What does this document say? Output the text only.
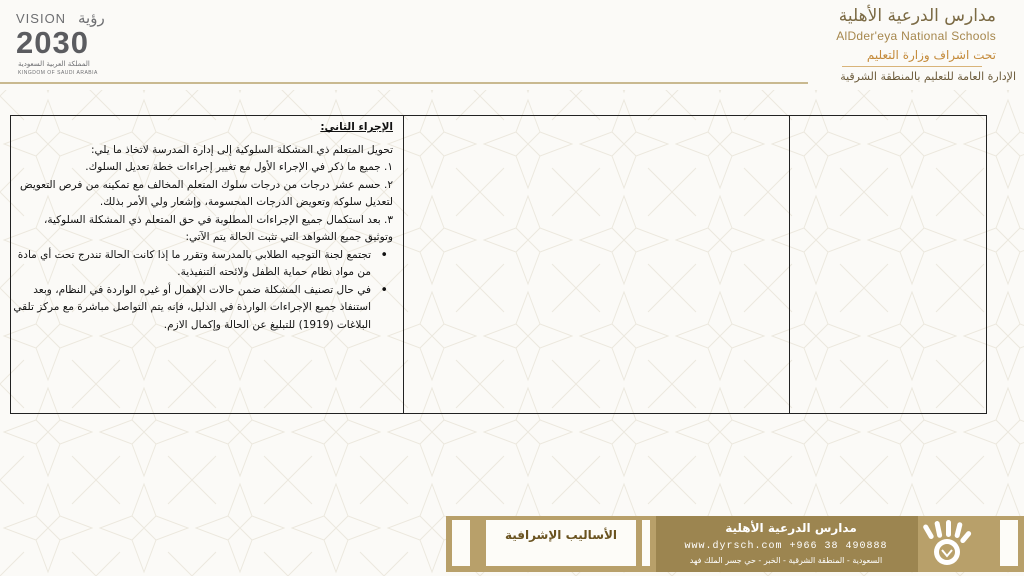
VISION رؤية
2030
المملكة العربية السعودية
KINGDOM OF SAUDI ARABIA
مدارس الدرعية الأهلية
AlDder'eya National Schools
تحت اشراف وزارة التعليم
الإدارة العامة للتعليم بالمنطقة الشرقية

الإجراء الثاني:

تحويل المتعلم ذي المشكلة السلوكية إلى إدارة المدرسة لاتخاذ ما يلي:

١. جميع ما ذكر في الإجراء الأول مع تغيير إجراءات خطة تعديل السلوك.

٢. حسم عشر درجات من درجات سلوك المتعلم المخالف مع تمكينه من فرص التعويض لتعديل سلوكه وتعويض الدرجات المحسومة، وإشعار ولي الأمر بذلك.

٣. بعد استكمال جميع الإجراءات المطلوبة في حق المتعلم ذي المشكلة السلوكية، وتوثيق جميع الشواهد التي تثبت الحالة يتم الآتي:

• تجتمع لجنة التوجيه الطلابي بالمدرسة وتقرر ما إذا كانت الحالة تندرج تحت أي مادة من مواد نظام حماية الطفل ولائحته التنفيذية.
• في حال تصنيف المشكلة ضمن حالات الإهمال أو غيره الواردة في النظام، وبعد استنفاذ جميع الإجراءات الواردة في الدليل، فإنه يتم التواصل مباشرة مع مركز تلقي البلاغات (1919) للتبليغ عن الحالة وإكمال الازم.
الأساليب الإشرافية	مدارس الدرعية الأهلية
www.dyrsch.com +966 38 490888
السعودية - المنطقة الشرقية - الخبر - حي جسر الملك فهد
